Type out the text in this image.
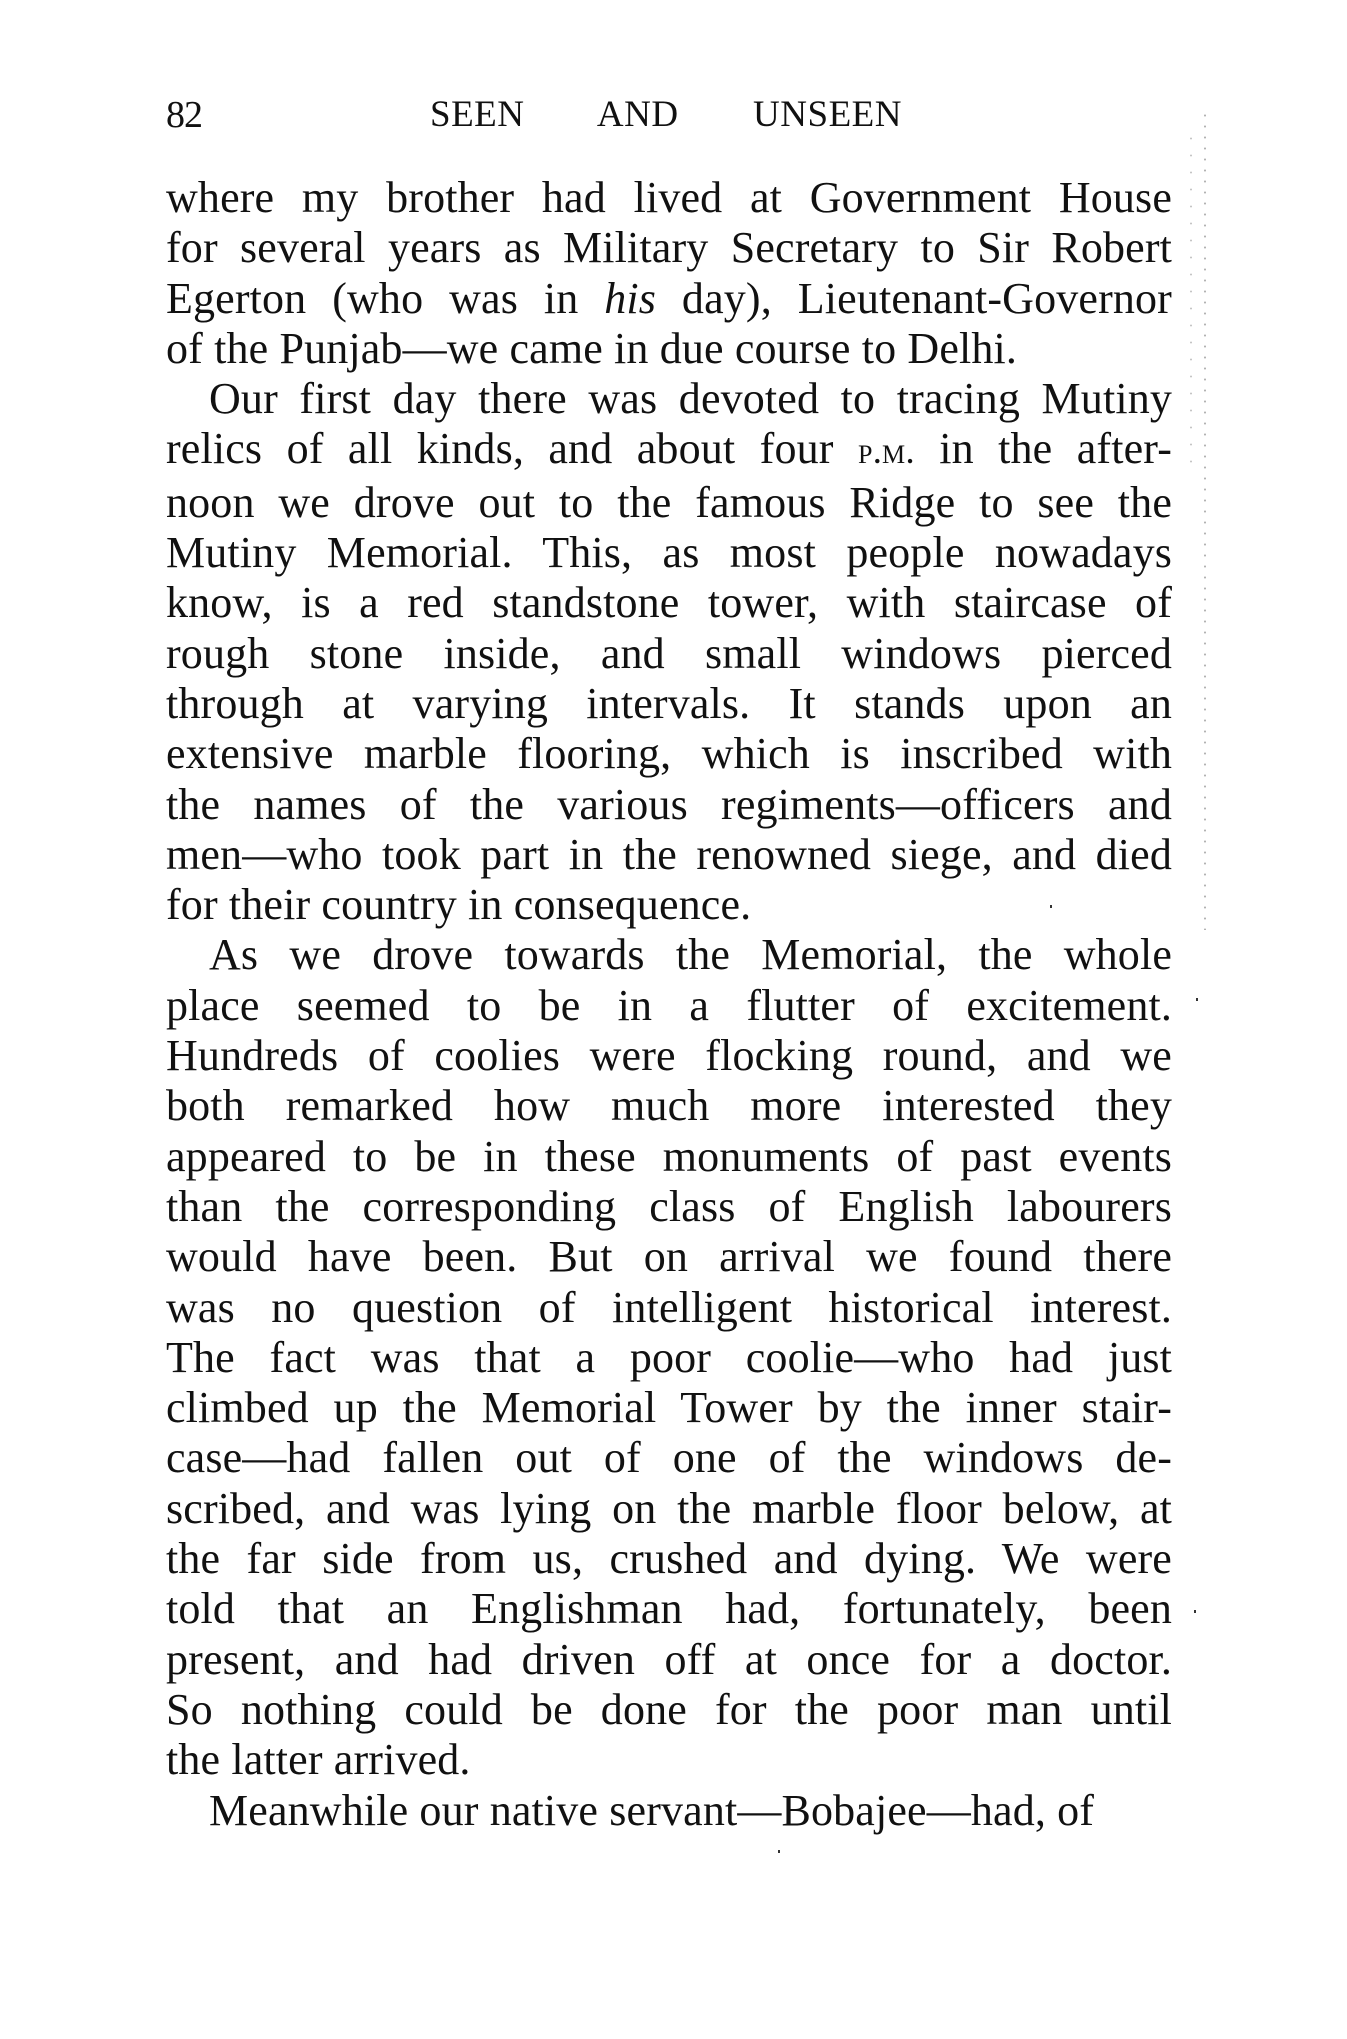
82	SEEN AND UNSEEN
where my brother had lived at Government House
for several years as Military Secretary to Sir Robert
Egerton (who was in his day), Lieutenant-Governor
of the Punjab—we came in due course to Delhi.
Our first day there was devoted to tracing Mutiny
relics of all kinds, and about four p.m. in the after-
noon we drove out to the famous Ridge to see the
Mutiny Memorial. This, as most people nowadays
know, is a red standstone tower, with staircase of
rough stone inside, and small windows pierced
through at varying intervals. It stands upon an
extensive marble flooring, which is inscribed with
the names of the various regiments—officers and
men—who took part in the renowned siege, and died
for their country in consequence.
As we drove towards the Memorial, the whole
place seemed to be in a flutter of excitement.
Hundreds of coolies were flocking round, and we
both remarked how much more interested they
appeared to be in these monuments of past events
than the corresponding class of English labourers
would have been. But on arrival we found there
was no question of intelligent historical interest.
The fact was that a poor coolie—who had just
climbed up the Memorial Tower by the inner stair-
case—had fallen out of one of the windows de-
scribed, and was lying on the marble floor below, at
the far side from us, crushed and dying. We were
told that an Englishman had, fortunately, been
present, and had driven off at once for a doctor.
So nothing could be done for the poor man until
the latter arrived.
Meanwhile our native servant—Bobajee—had, of
